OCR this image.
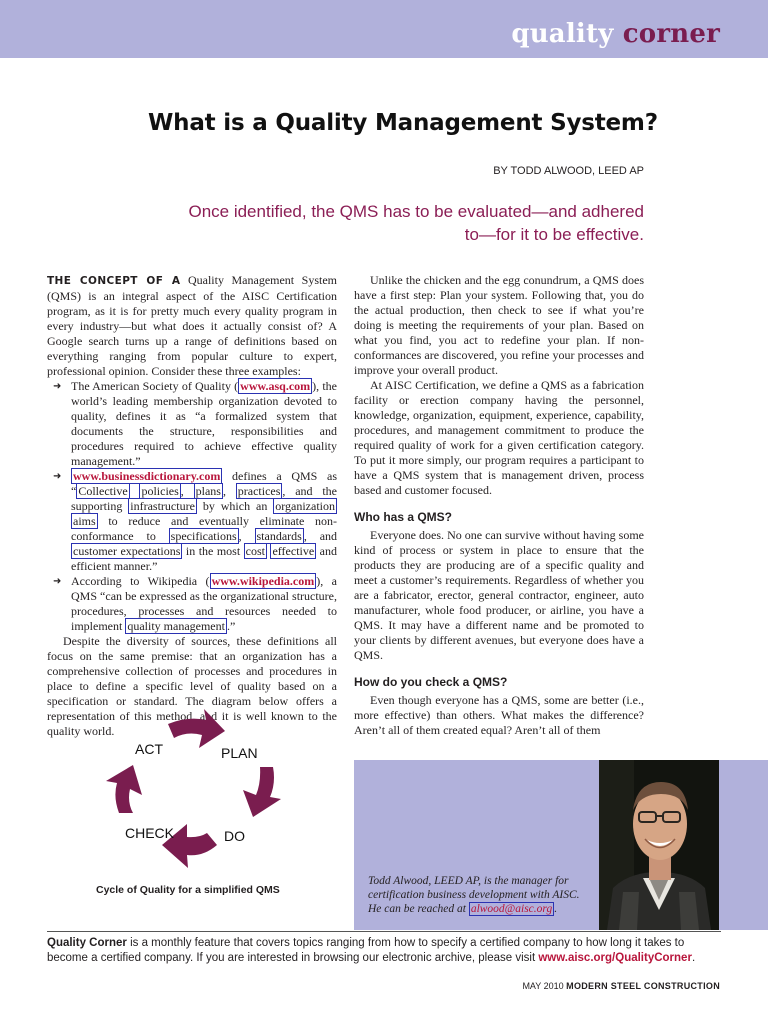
quality corner
What is a Quality Management System?
BY TODD ALWOOD, LEED AP
Once identified, the QMS has to be evaluated—and adhered to—for it to be effective.

THE CONCEPT OF A Quality Management System (QMS) is an integral aspect of the AISC Certification program, as it is for pretty much every quality program in every industry—but what does it actually consist of? A Google search turns up a range of definitions based on everything ranging from popular culture to expert, professional opinion. Consider these three examples:

➜ The American Society of Quality ( www.asq.com ), the world’s leading membership organization devoted to quality, defines it as “a formalized system that documents the structure, responsibilities and procedures required to achieve effective quality management.”
➜ www.businessdictionary.com defines a QMS as “ Collective policies , plans , practices , and the supporting infrastructure by which an organization aims to reduce and eventually eliminate non-conformance to specifications , standards , and customer expectations in the most cost effective and efficient manner.”
➜ According to Wikipedia ( www.wikipedia.com ), a QMS “can be expressed as the organizational structure, procedures, processes and resources needed to implement quality management .”

Despite the diversity of sources, these definitions all focus on the same premise: that an organization has a comprehensive collection of processes and procedures in place to define a specific level of quality based on a specification or standard. The diagram below offers a representation of this method, and it is well known to the quality world.

Unlike the chicken and the egg conundrum, a QMS does have a first step: Plan your system. Following that, you do the actual production, then check to see if what you’re doing is meeting the requirements of your plan. Based on what you find, you act to redefine your plan. If non-conformances are discovered, you refine your processes and improve your overall product.

At AISC Certification, we define a QMS as a fabrication facility or erection company having the personnel, knowledge, organization, equipment, experience, capability, procedures, and management commitment to produce the required quality of work for a given certification category. To put it more simply, our program requires a participant to have a QMS system that is management driven, process based and customer focused.

Who has a QMS?

Everyone does. No one can survive without having some kind of process or system in place to ensure that the products they are producing are of a specific quality and meet a customer’s requirements. Regardless of whether you are a fabricator, erector, general contractor, engineer, auto manufacturer, whole food producer, or airline, you have a QMS. It may have a different name and be promoted to your clients by different avenues, but everyone does have a QMS.

How do you check a QMS?

Even though everyone has a QMS, some are better (i.e., more effective) than others. What makes the difference? Aren’t all of them created equal? Aren’t all of them

ACT	PLAN
CHECK	DO
Cycle of Quality for a simplified QMS
Todd Alwood, LEED AP, is the manager for certification business development with AISC. He can be reached at alwood@aisc.org .
Quality Corner is a monthly feature that covers topics ranging from how to specify a certified company to how long it takes to become a certified company. If you are interested in browsing our electronic archive, please visit www.aisc.org/QualityCorner.
MAY 2010 MODERN STEEL CONSTRUCTION
